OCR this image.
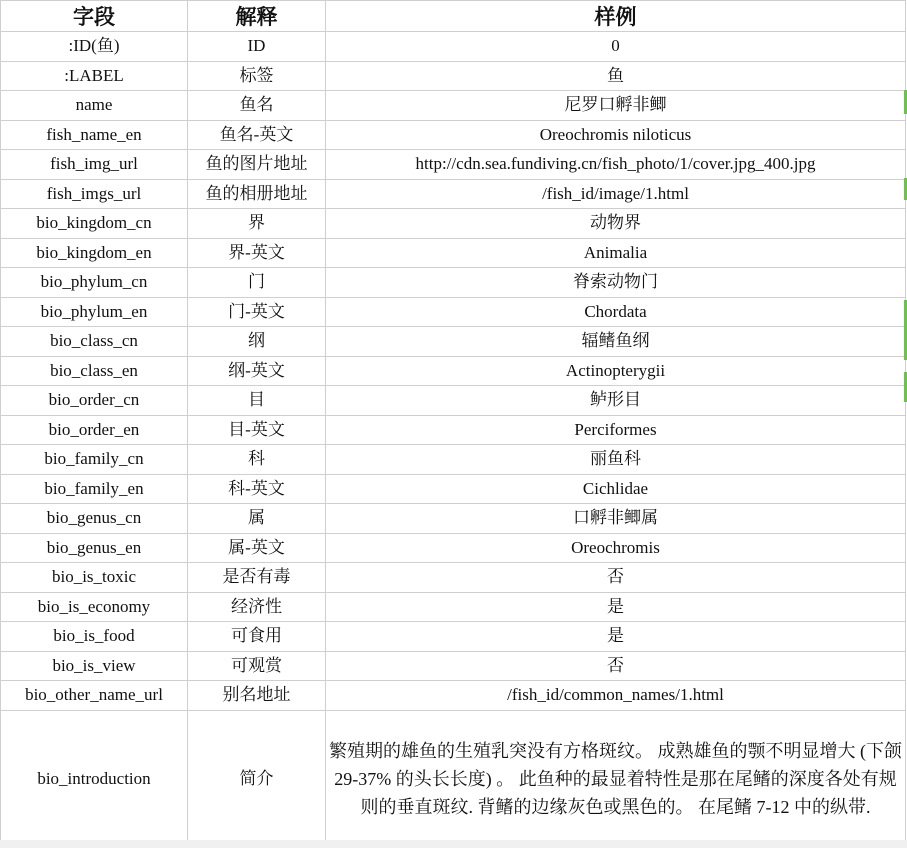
字段	解释	样例
:ID(鱼)	ID	0
:LABEL	标签	鱼
name	鱼名	尼罗口孵非鲫
fish_name_en	鱼名-英文	Oreochromis niloticus
fish_img_url	鱼的图片地址	http://cdn.sea.fundiving.cn/fish_photo/1/cover.jpg_400.jpg
fish_imgs_url	鱼的相册地址	/fish_id/image/1.html
bio_kingdom_cn	界	动物界
bio_kingdom_en	界-英文	Animalia
bio_phylum_cn	门	脊索动物门
bio_phylum_en	门-英文	Chordata
bio_class_cn	纲	辐鳍鱼纲
bio_class_en	纲-英文	Actinopterygii
bio_order_cn	目	鲈形目
bio_order_en	目-英文	Perciformes
bio_family_cn	科	丽鱼科
bio_family_en	科-英文	Cichlidae
bio_genus_cn	属	口孵非鲫属
bio_genus_en	属-英文	Oreochromis
bio_is_toxic	是否有毒	否
bio_is_economy	经济性	是
bio_is_food	可食用	是
bio_is_view	可观赏	否
bio_other_name_url	别名地址	/fish_id/common_names/1.html
bio_introduction	简介	繁殖期的雄鱼的生殖乳突没有方格斑纹。 成熟雄鱼的颚不明显增大 (下颌 29-37% 的头长长度) 。 此鱼种的最显着特性是那在尾鳍的深度各处有规则的垂直斑纹. 背鳍的边缘灰色或黑色的。 在尾鳍 7-12 中的纵带.
